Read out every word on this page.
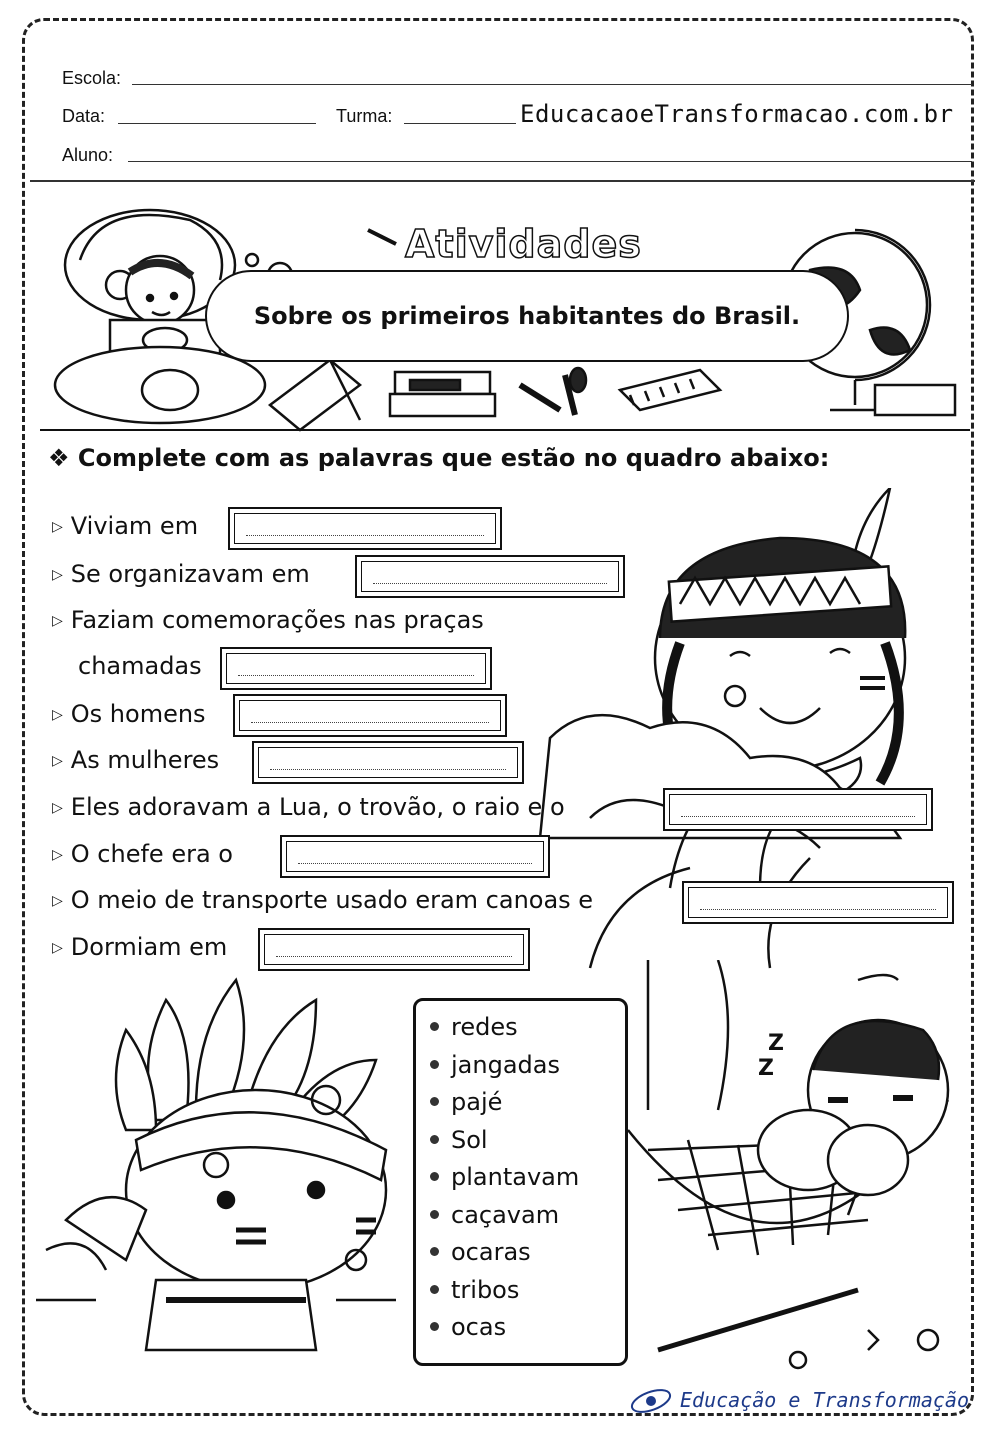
Escola:
Data:	Turma:	EducacaoeTransformacao.com.br
Aluno:
Atividades
Sobre os primeiros habitantes do Brasil.
❖ Complete com as palavras que estão no quadro abaixo:
▷ Viviam em
▷ Se organizavam em
▷ Faziam comemorações nas praças
chamadas
▷ Os homens
▷ As mulheres
▷ Eles adoravam a Lua, o trovão, o raio e o
▷ O chefe era o
▷ O meio de transporte usado eram canoas e
▷ Dormiam em
Z
Z
redes
jangadas
pajé
Sol
plantavam
caçavam
ocaras
tribos
ocas
Educação e Transformação
